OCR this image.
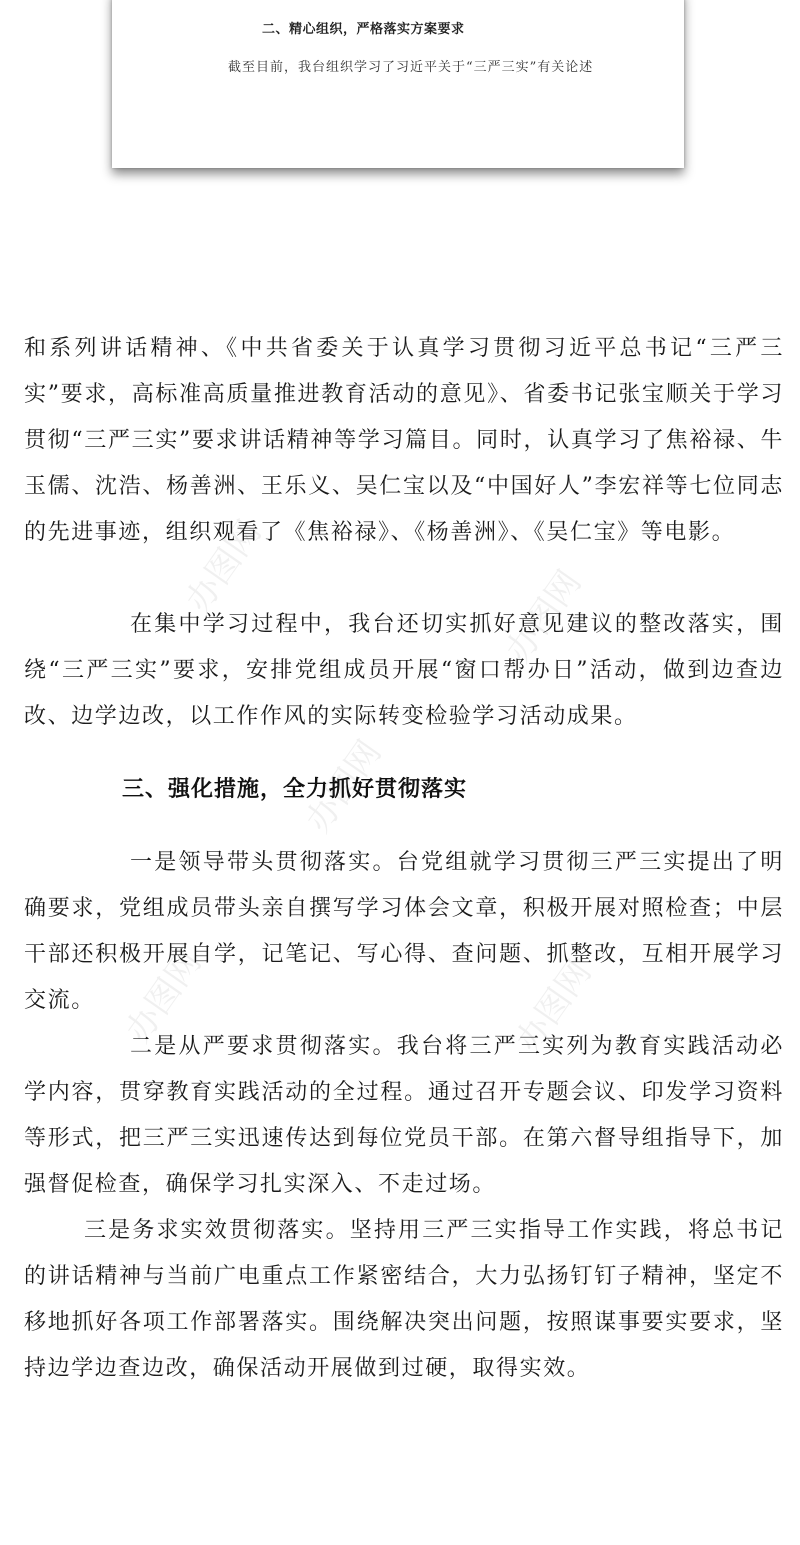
二、精心组织，严格落实方案要求
截至目前，我台组织学习了习近平关于“三严三实”有关论述
办图网	办图网
办图网
办图网	办图网
和系列讲话精神、《中共省委关于认真学习贯彻习近平总书记“三严三实”要求，高标准高质量推进教育活动的意见》、省委书记张宝顺关于学习贯彻“三严三实”要求讲话精神等学习篇目。同时，认真学习了焦裕禄、牛玉儒、沈浩、杨善洲、王乐义、吴仁宝以及“中国好人”李宏祥等七位同志的先进事迹，组织观看了《焦裕禄》、《杨善洲》、《吴仁宝》等电影。
在集中学习过程中，我台还切实抓好意见建议的整改落实，围绕“三严三实”要求，安排党组成员开展“窗口帮办日”活动，做到边查边改、边学边改，以工作作风的实际转变检验学习活动成果。
三、强化措施，全力抓好贯彻落实
一是领导带头贯彻落实。台党组就学习贯彻三严三实提出了明确要求，党组成员带头亲自撰写学习体会文章，积极开展对照检查；中层干部还积极开展自学，记笔记、写心得、查问题、抓整改，互相开展学习交流。
二是从严要求贯彻落实。我台将三严三实列为教育实践活动必学内容，贯穿教育实践活动的全过程。通过召开专题会议、印发学习资料等形式，把三严三实迅速传达到每位党员干部。在第六督导组指导下，加强督促检查，确保学习扎实深入、不走过场。
三是务求实效贯彻落实。坚持用三严三实指导工作实践，将总书记的讲话精神与当前广电重点工作紧密结合，大力弘扬钉钉子精神，坚定不移地抓好各项工作部署落实。围绕解决突出问题，按照谋事要实要求，坚持边学边查边改，确保活动开展做到过硬，取得实效。
